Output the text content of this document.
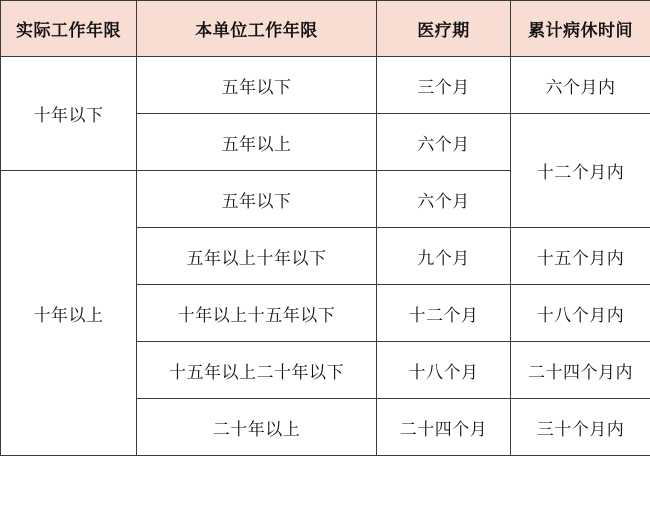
实际工作年限	本单位工作年限	医疗期	累计病休时间
十年以下	五年以下	三个月	六个月内
	五年以上	六个月	十二个月内
十年以上	五年以下	六个月	
	五年以上十年以下	九个月	十五个月内
	十年以上十五年以下	十二个月	十八个月内
	十五年以上二十年以下	十八个月	二十四个月内
	二十年以上	二十四个月	三十个月内
